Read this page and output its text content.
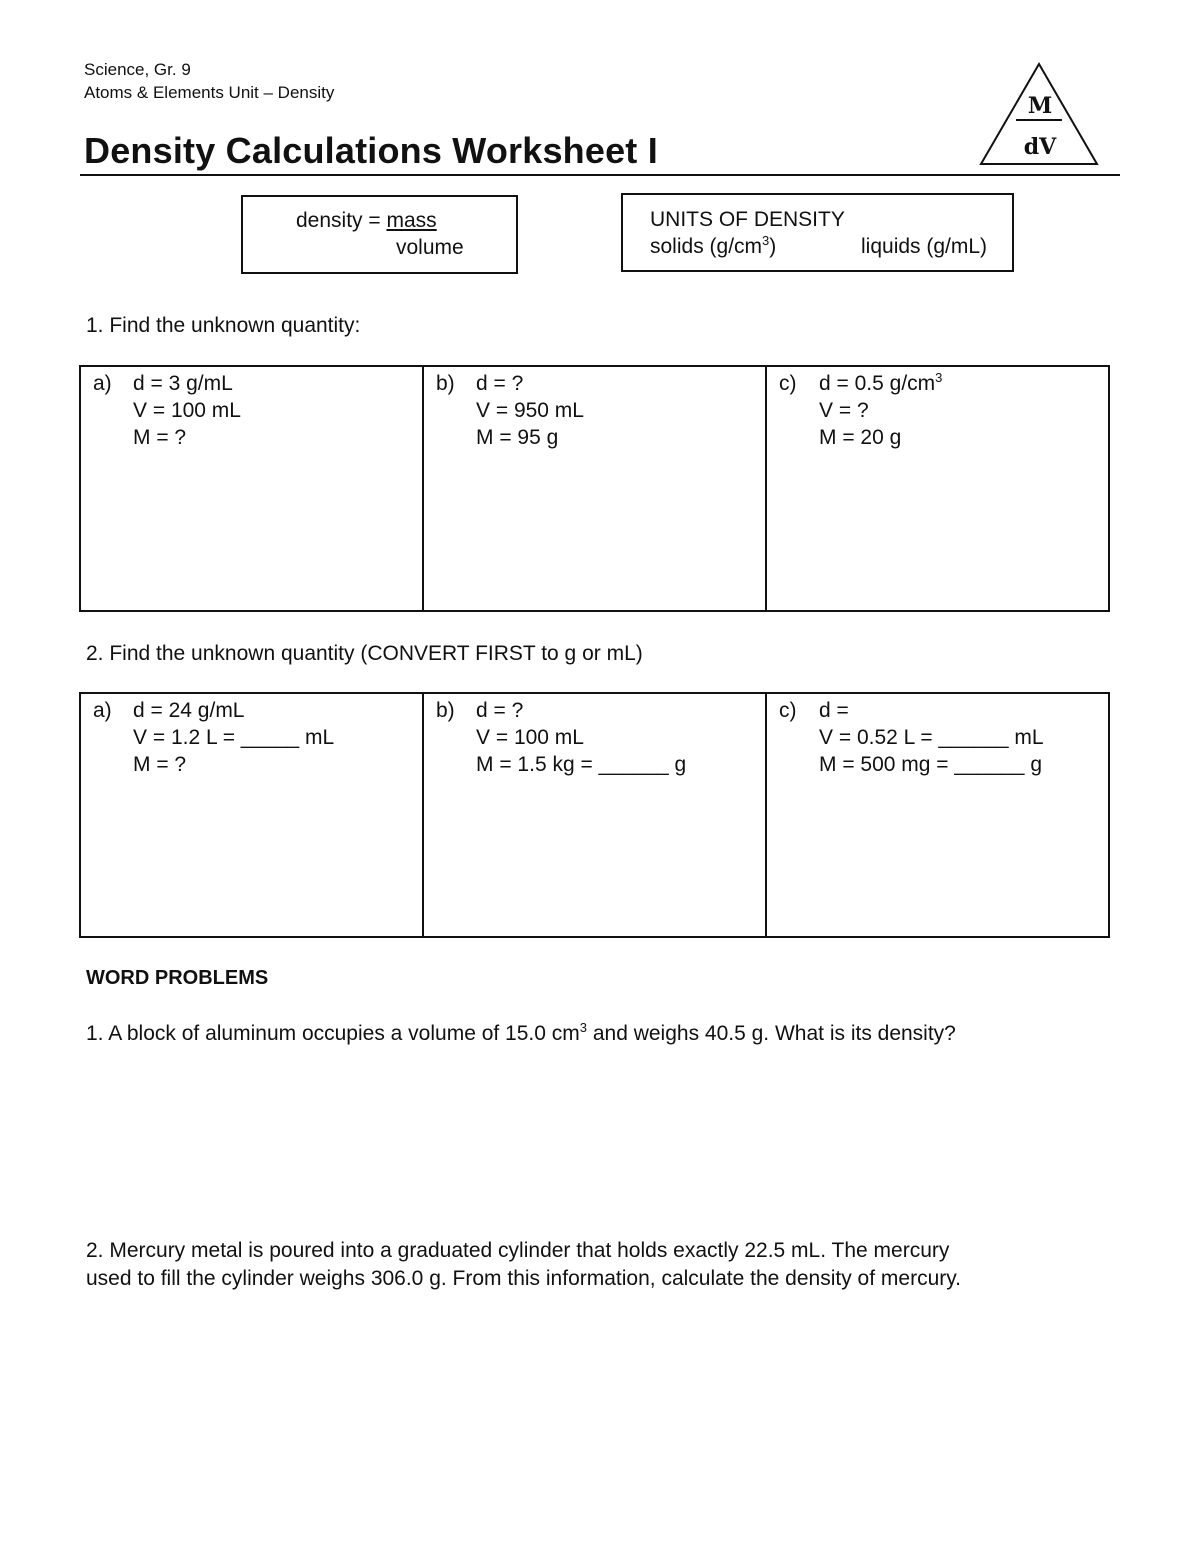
Science, Gr. 9
Atoms & Elements Unit – Density
Density Calculations Worksheet I
M
dV
density = mass
volume
UNITS OF DENSITY
solids $(g/cm^3)$	liquids (g/mL)
1. Find the unknown quantity:
a)	d = 3 g/mL
V = 100 mL
M = ?
b)	d = ?
V = 950 mL
M = 95 g
c)	d = 0.5 $g/cm^3$
V = ?
M = 20 g
2. Find the unknown quantity (CONVERT FIRST to g or mL)
a)	d = 24 g/mL
V = 1.2 L = _____ mL
M = ?
b)	d = ?
V = 100 mL
M = 1.5 kg = ______ g
c)	d =
V = 0.52 L = ______ mL
M = 500 mg = ______ g
WORD PROBLEMS
1. A block of aluminum occupies a volume of 15.0 $cm^3$ and weighs 40.5 g. What is its density?
2. Mercury metal is poured into a graduated cylinder that holds exactly 22.5 mL. The mercury
used to fill the cylinder weighs 306.0 g. From this information, calculate the density of mercury.
